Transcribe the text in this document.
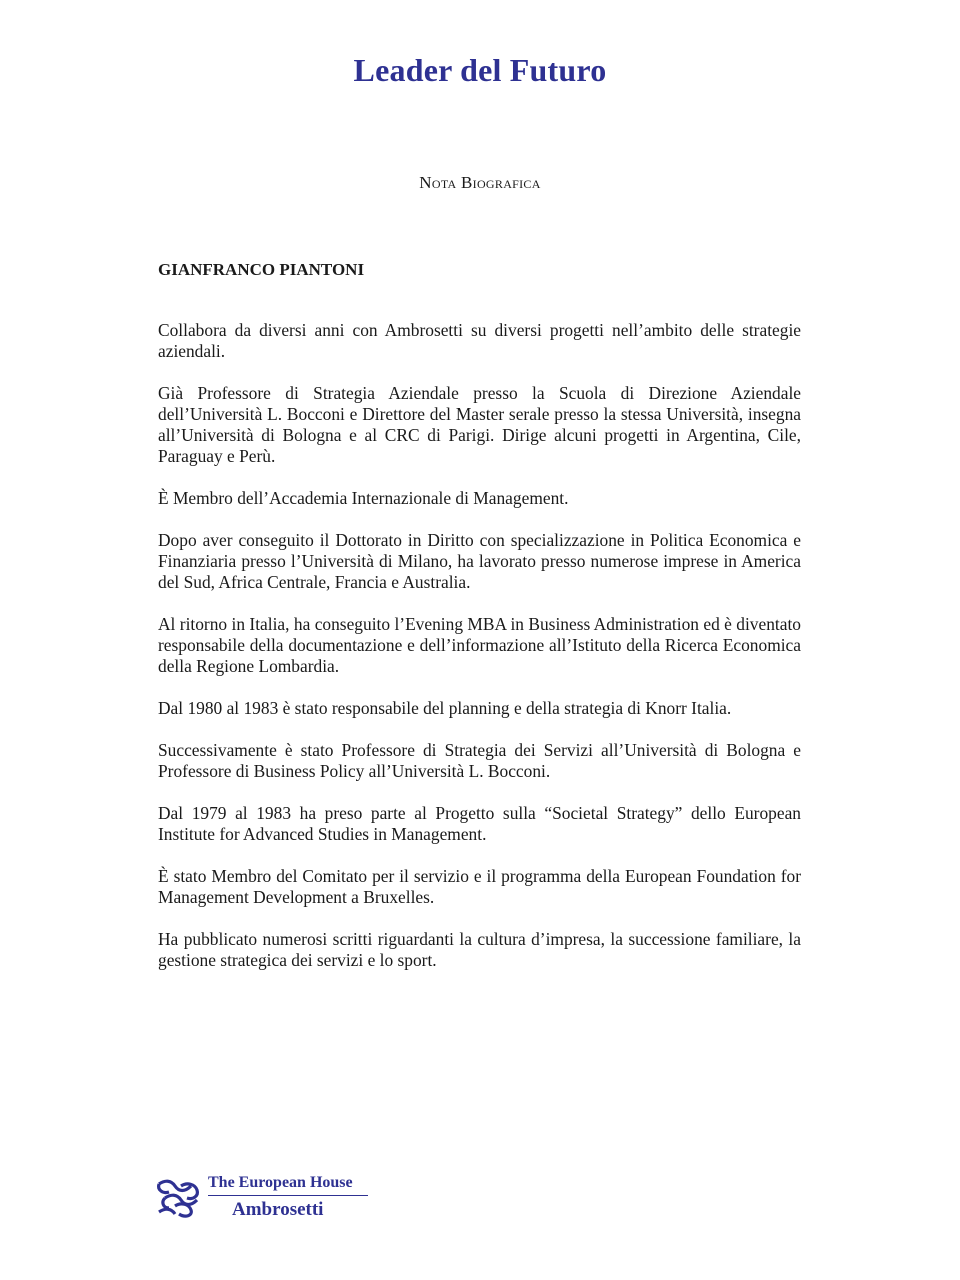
Leader del Futuro
Nota Biografica
GIANFRANCO PIANTONI

Collabora da diversi anni con Ambrosetti su diversi progetti nell’ambito delle strategie aziendali.

Già Professore di Strategia Aziendale presso la Scuola di Direzione Aziendale dell’Università L. Bocconi e Direttore del Master serale presso la stessa Università, insegna all’Università di Bologna e al CRC di Parigi. Dirige alcuni progetti in Argentina, Cile, Paraguay e Perù.

È Membro dell’Accademia Internazionale di Management.

Dopo aver conseguito il Dottorato in Diritto con specializzazione in Politica Economica e Finanziaria presso l’Università di Milano, ha lavorato presso numerose imprese in America del Sud, Africa Centrale, Francia e Australia.

Al ritorno in Italia, ha conseguito l’Evening MBA in Business Administration ed è diventato responsabile della documentazione e dell’informazione all’Istituto della Ricerca Economica della Regione Lombardia.

Dal 1980 al 1983 è stato responsabile del planning e della strategia di Knorr Italia.

Successivamente è stato Professore di Strategia dei Servizi all’Università di Bologna e Professore di Business Policy all’Università L. Bocconi.

Dal 1979 al 1983 ha preso parte al Progetto sulla “Societal Strategy” dello European Institute for Advanced Studies in Management.

È stato Membro del Comitato per il servizio e il programma della European Foundation for Management Development a Bruxelles.

Ha pubblicato numerosi scritti riguardanti la cultura d’impresa, la successione familiare, la gestione strategica dei servizi e lo sport.

The European House
Ambrosetti
